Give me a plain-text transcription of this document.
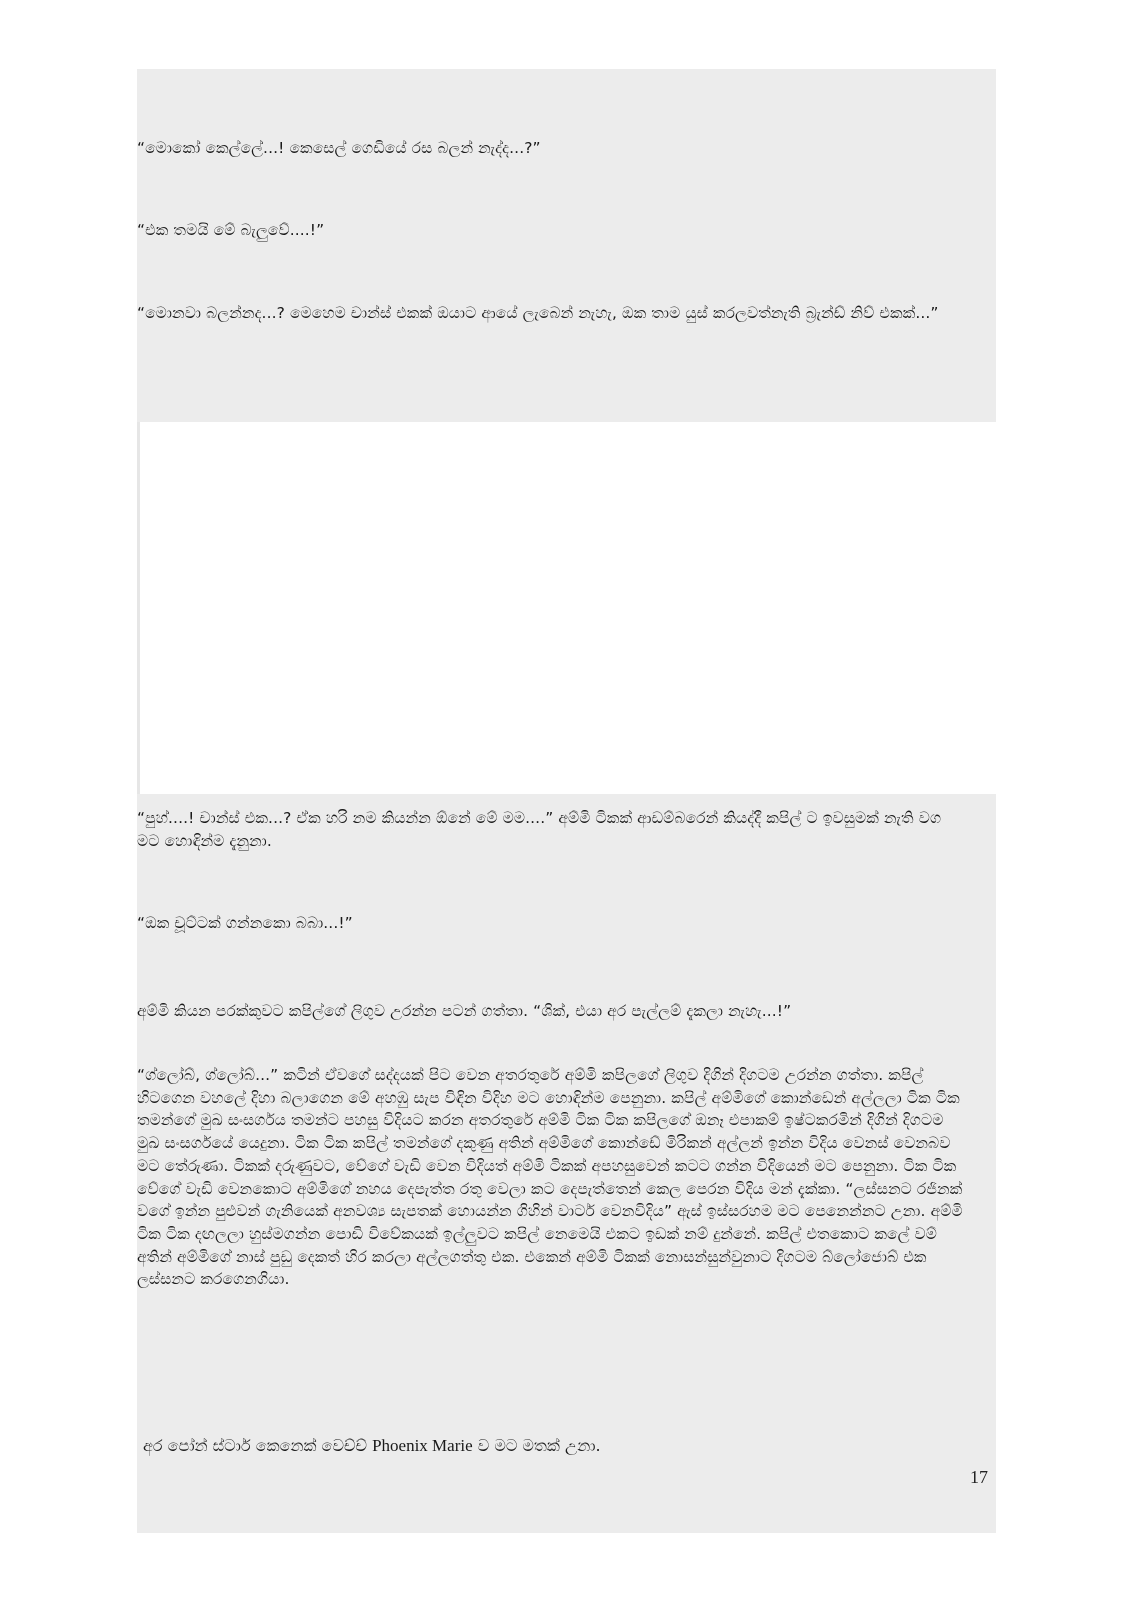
“මොකෝ කෙල්ලේ...! කෙසෙල් ගෙඩියේ රස බලන් නැද්ද...?”

“එක තමයි මේ බැලුවේ....!”

“මොනවා බලන්නද...? මෙහෙම චාන්ස් එකක් ඔයාට ආයේ ලැබෙන් නැහැ, ඔක තාම යුස් කරලවත්නැති බ්‍රැන්ඩ් නිව් එකක්...”

“පුහ්....! චාන්ස් එක...? ඒක හරි නම කියන්න ඕනේ මේ මම....” අම්මි ටිකක් ආඩම්බරෙන් කියද්දී කපිල් ට ඉවසුමක් නැති වග මට හොඳින්ම දැනුනා.

“ඔක චූට්ටක් ගන්නකො බබා...!”

අම්මි කියන පරක්කුවට කපිල්ගේ ලිගුව උරන්න පටන් ගත්තා. “ශික්, එයා අර පැල්ලම් දැකලා නැහැ...!”

“ග්ලෝබ්, ග්ලෝබ්...” කටින් ඒවගේ සද්දයක් පිට වෙන අතරතුරේ අම්මි කපිලගේ ලිගුව දිගින් දිගටම උරන්න ගත්තා. කපිල් හිටගෙන වහලේ දිහා බලාගෙන මේ අහඹු සැප විඳින විදිහ මට හොඳින්ම පෙනුනා. කපිල් අම්මිගේ කොන්ඩෙන් අල්ලලා ටික ටික තමන්ගේ මුඛ සංසර්ගය තමන්ට පහසු විදියට කරන අතරතුරේ අම්මි ටික ටික කපිලගේ ඔනෑ එපාකම් ඉෂ්ටකරමින් දිගින් දිගටම මුඛ සංසර්ගයේ යෙදුනා. ටික ටික කපිල් තමන්ගේ දකුණු අතින් අම්මිගේ කොන්ඩේ මිරිකන් අල්ලන් ඉන්න විදිය වෙනස් වෙනබව මට තේරුණා. ටිකක් දරුණුවට, වේගේ වැඩි වෙන විදියත් අම්මි ටිකක් අපහසුවෙන් කටට ගන්න විදියෙන් මට පෙනුනා. ටික ටික වේගේ වැඩි වෙනකොට අම්මිගේ නහය දෙපැත්ත රතු වෙලා කට දෙපැත්තෙන් කෙල පෙරන විදිය මන් දැක්කා. “ලස්සනට රජිනක් වගේ ඉන්න පුළුවන් ගැනියෙක් අනවශ්‍ය සැපතක් හොයන්න ගිහින් වාටර් වෙනවිදිය” ඇස් ඉස්සරහම මට පෙනෙන්නට උනා. අම්මි ටික ටික දඟලලා හුස්මගන්න පොඩි විවේකයක් ඉල්ලුවට කපිල් නෙමෙයි එකට ඉඩක් නම් දුන්නේ. කපිල් එතකොට කලේ වම් අතින් අම්මිගේ නාස් පුඩු දෙකත් හිර කරලා අල්ලගත්තු එක. එකෙන් අම්මි ටිකක් නොසන්සුන්වුනාට දිගටම බ්ලෝජොබ් එක ලස්සනට කරගෙනගියා.

අර පෝන් ස්ටාර් කෙනෙක් වෙච්ච් Phoenix Marie ව මට මතක් උනා.
17
